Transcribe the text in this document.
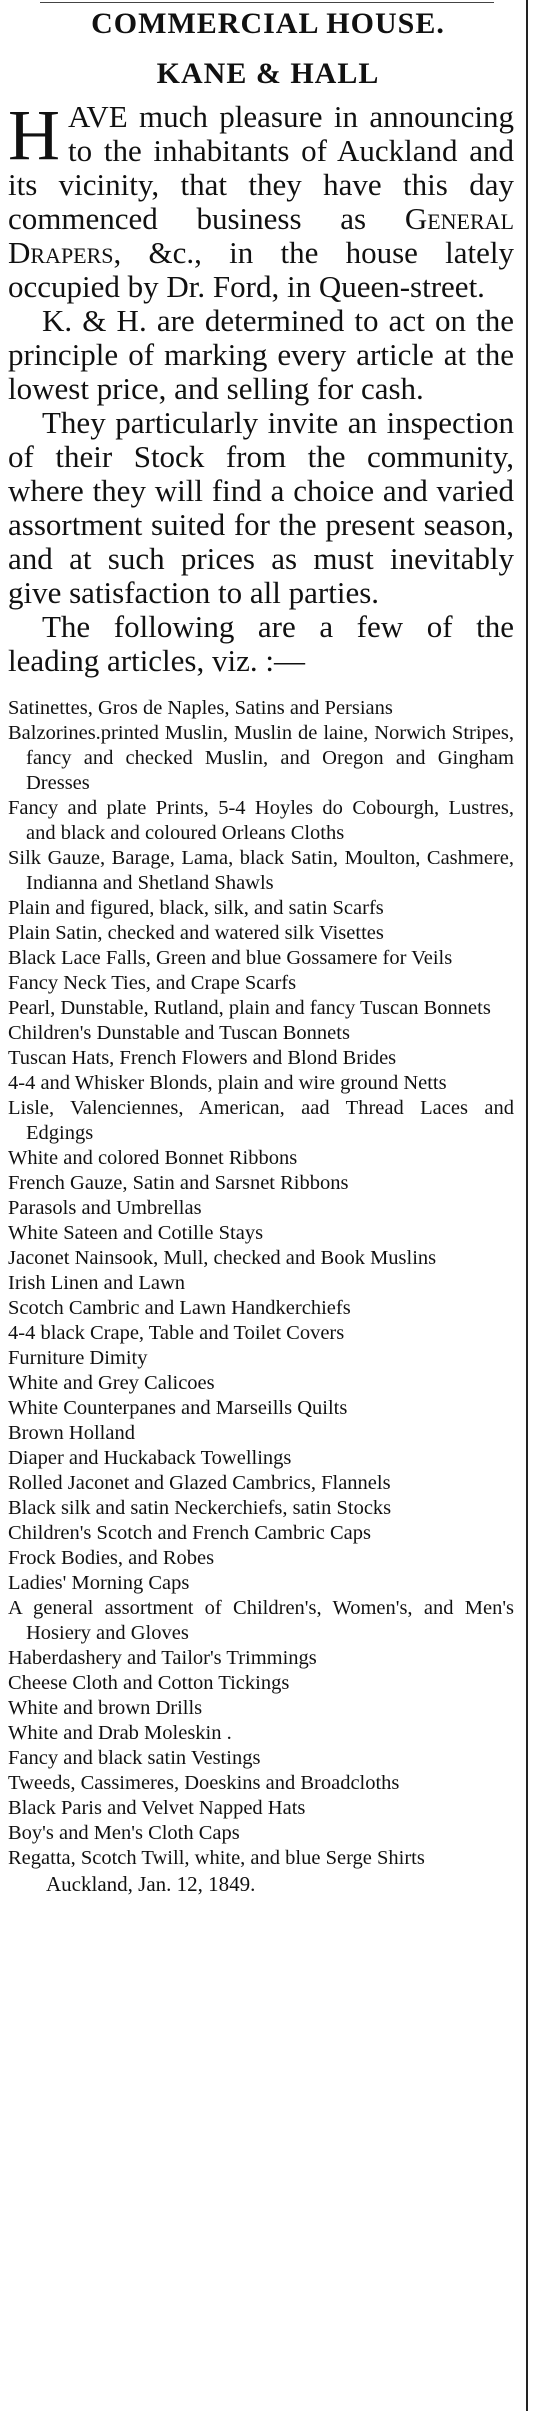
COMMERCIAL HOUSE.
KANE & HALL

HAVE much pleasure in announcing to the inhabitants of Auckland and its vicinity, that they have this day commenced business as General Drapers, &c., in the house lately occupied by Dr. Ford, in Queen-street.

K. & H. are determined to act on the principle of marking every article at the lowest price, and selling for cash.

They particularly invite an inspection of their Stock from the community, where they will find a choice and varied assortment suited for the present season, and at such prices as must inevitably give satisfaction to all parties.

The following are a few of the leading articles, viz. :—

Satinettes, Gros de Naples, Satins and Persians
Balzorines.printed Muslin, Muslin de laine, Norwich Stripes, fancy and checked Muslin, and Oregon and Gingham Dresses
Fancy and plate Prints, 5-4 Hoyles do Cobourgh, Lustres, and black and coloured Orleans Cloths
Silk Gauze, Barage, Lama, black Satin, Moulton, Cashmere, Indianna and Shetland Shawls
Plain and figured, black, silk, and satin Scarfs
Plain Satin, checked and watered silk Visettes
Black Lace Falls, Green and blue Gossamere for Veils
Fancy Neck Ties, and Crape Scarfs
Pearl, Dunstable, Rutland, plain and fancy Tuscan Bonnets
Children's Dunstable and Tuscan Bonnets
Tuscan Hats, French Flowers and Blond Brides
4-4 and Whisker Blonds, plain and wire ground Netts
Lisle, Valenciennes, American, aad Thread Laces and Edgings
White and colored Bonnet Ribbons
French Gauze, Satin and Sarsnet Ribbons
Parasols and Umbrellas
White Sateen and Cotille Stays
Jaconet Nainsook, Mull, checked and Book Muslins
Irish Linen and Lawn
Scotch Cambric and Lawn Handkerchiefs
4-4 black Crape, Table and Toilet Covers
Furniture Dimity
White and Grey Calicoes
White Counterpanes and Marseills Quilts
Brown Holland
Diaper and Huckaback Towellings
Rolled Jaconet and Glazed Cambrics, Flannels
Black silk and satin Neckerchiefs, satin Stocks
Children's Scotch and French Cambric Caps
Frock Bodies, and Robes
Ladies' Morning Caps
A general assortment of Children's, Women's, and Men's Hosiery and Gloves
Haberdashery and Tailor's Trimmings
Cheese Cloth and Cotton Tickings
White and brown Drills
White and Drab Moleskin .
Fancy and black satin Vestings
Tweeds, Cassimeres, Doeskins and Broadcloths
Black Paris and Velvet Napped Hats
Boy's and Men's Cloth Caps
Regatta, Scotch Twill, white, and blue Serge Shirts

Auckland, Jan. 12, 1849.
